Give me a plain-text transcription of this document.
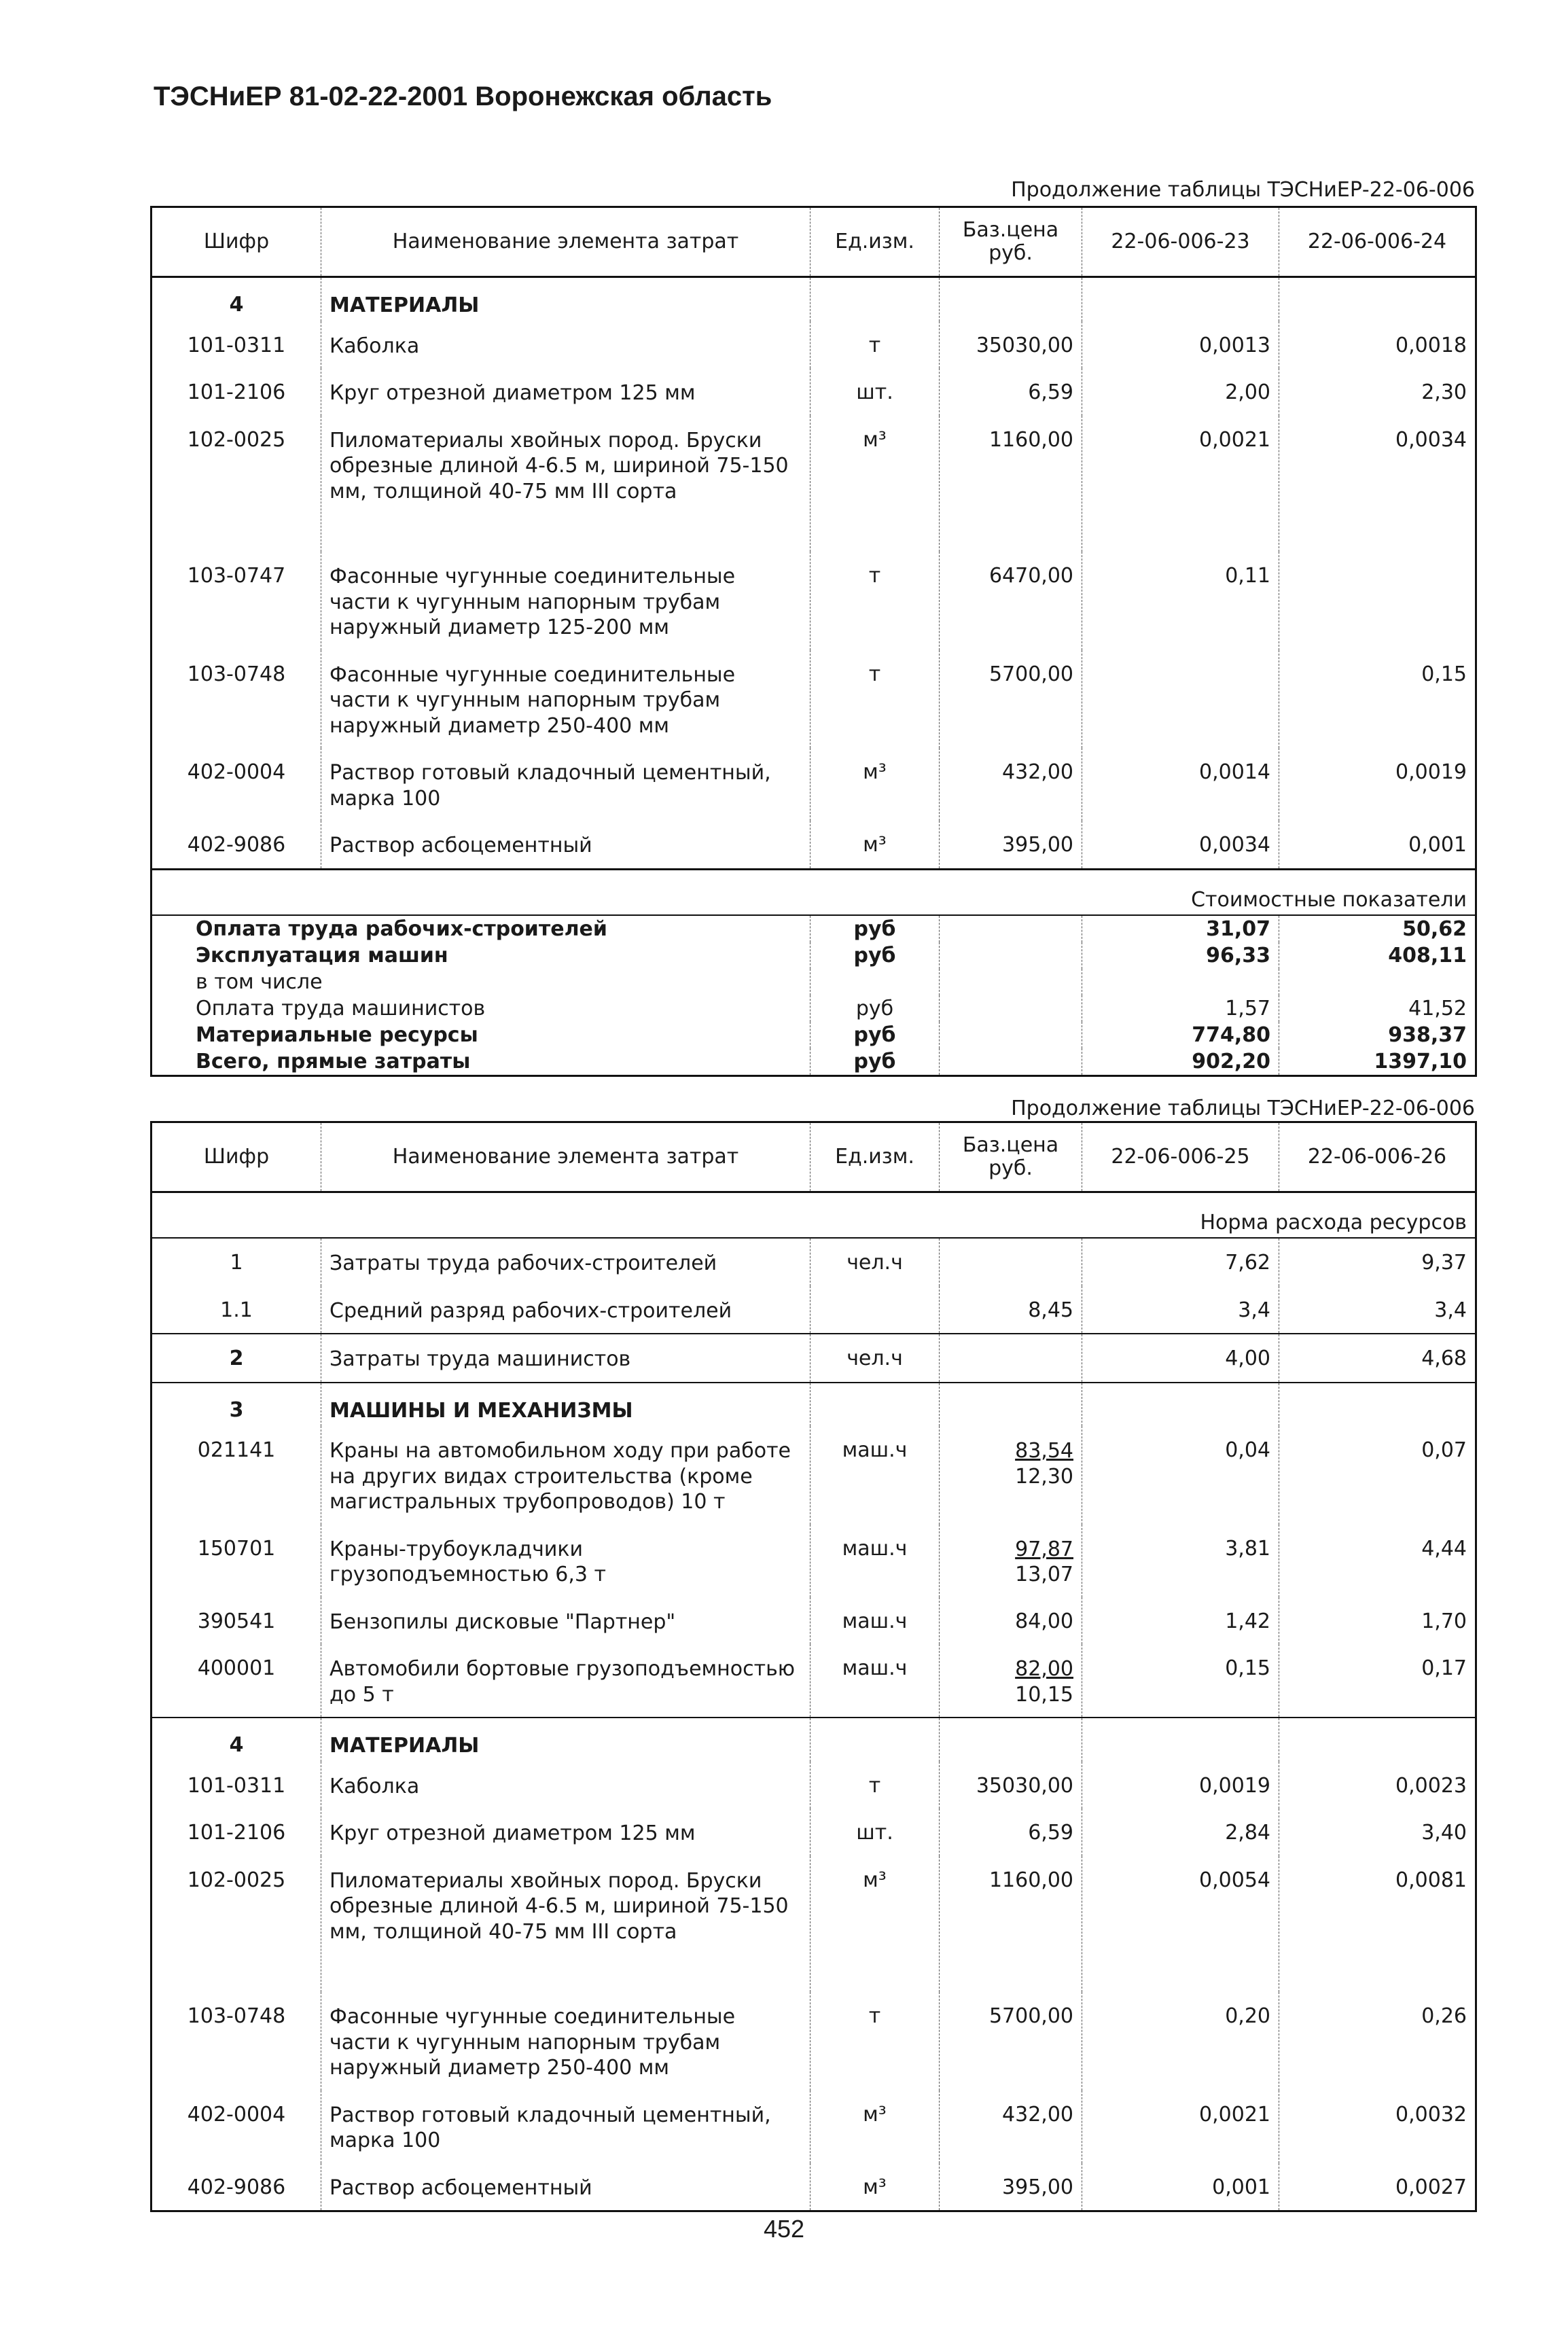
ТЭСНиЕР 81-02-22-2001 Воронежская область
Продолжение таблицы ТЭСНиЕР-22-06-006
Шифр	Наименование элемента затрат	Ед.изм.	Баз.цена руб.	22-06-006-23	22-06-006-24
4	МАТЕРИАЛЫ				
101-0311	Каболка	т	35030,00	0,0013	0,0018
101-2106	Круг отрезной диаметром 125 мм	шт.	6,59	2,00	2,30
102-0025	Пиломатериалы хвойных пород. Бруски обрезные длиной 4-6.5 м, шириной 75-150 мм, толщиной 40-75 мм III сорта	м³	1160,00	0,0021	0,0034
103-0747	Фасонные чугунные соединительные части к чугунным напорным трубам наружный диаметр 125-200 мм	т	6470,00	0,11	
103-0748	Фасонные чугунные соединительные части к чугунным напорным трубам наружный диаметр 250-400 мм	т	5700,00		0,15
402-0004	Раствор готовый кладочный цементный, марка 100	м³	432,00	0,0014	0,0019
402-9086	Раствор асбоцементный	м³	395,00	0,0034	0,001
Стоимостные показатели					
Оплата труда рабочих-строителей		руб		31,07	50,62
Эксплуатация машин		руб		96,33	408,11
в том числе					
Оплата труда машинистов		руб		1,57	41,52
Материальные ресурсы		руб		774,80	938,37
Всего, прямые затраты		руб		902,20	1397,10
Продолжение таблицы ТЭСНиЕР-22-06-006
Шифр	Наименование элемента затрат	Ед.изм.	Баз.цена руб.	22-06-006-25	22-06-006-26
Норма расхода ресурсов					
1	Затраты труда рабочих-строителей	чел.ч		7,62	9,37
1.1	Средний разряд рабочих-строителей		8,45	3,4	3,4
2	Затраты труда машинистов	чел.ч		4,00	4,68
3	МАШИНЫ И МЕХАНИЗМЫ				
021141	Краны на автомобильном ходу при работе на других видах строительства (кроме магистральных трубопроводов) 10 т	маш.ч	$\frac{83,54}{12,30}$	0,04	0,07
150701	Краны-трубоукладчики грузоподъемностью 6,3 т	маш.ч	$\frac{97,87}{13,07}$	3,81	4,44
390541	Бензопилы дисковые "Партнер"	маш.ч	84,00	1,42	1,70
400001	Автомобили бортовые грузоподъемностью до 5 т	маш.ч	$\frac{82,00}{10,15}$	0,15	0,17
4	МАТЕРИАЛЫ				
101-0311	Каболка	т	35030,00	0,0019	0,0023
101-2106	Круг отрезной диаметром 125 мм	шт.	6,59	2,84	3,40
102-0025	Пиломатериалы хвойных пород. Бруски обрезные длиной 4-6.5 м, шириной 75-150 мм, толщиной 40-75 мм III сорта	м³	1160,00	0,0054	0,0081
103-0748	Фасонные чугунные соединительные части к чугунным напорным трубам наружный диаметр 250-400 мм	т	5700,00	0,20	0,26
402-0004	Раствор готовый кладочный цементный, марка 100	м³	432,00	0,0021	0,0032
402-9086	Раствор асбоцементный	м³	395,00	0,001	0,0027
452
